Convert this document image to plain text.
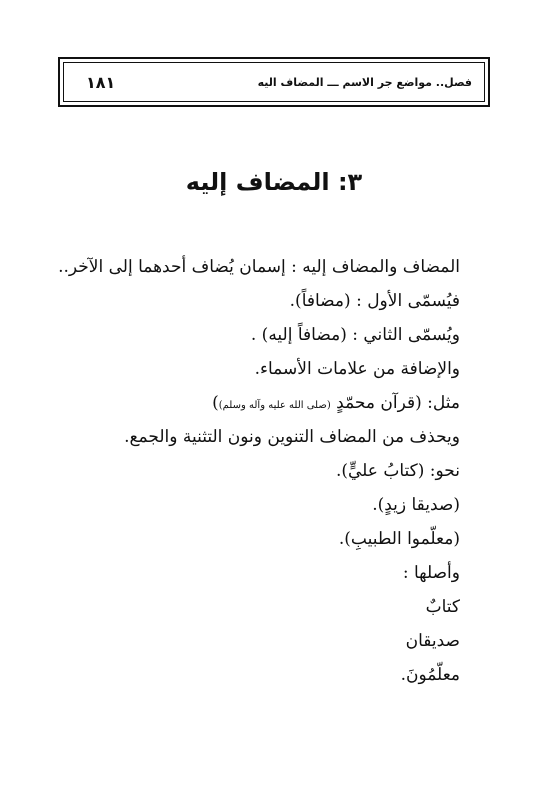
١٨١	فصل.. مواضع جر الاسم ـــ المضاف اليه
٣: المضاف إليه
المضاف والمضاف إليه : إسمان يُضاف أحدهما إلى الآخر..
فيُسمّى الأول : (مضافاً).
ويُسمّى الثاني : (مضافاً إليه) .
والإضافة من علامات الأسماء.
مثل: (قرآن محمّدٍ (صلى الله عليه وآله وسلم))
ويحذف من المضاف التنوين ونون التثنية والجمع.
نحو: (كتابُ عليٍّ).
(صديقا زيدٍ).
(معلّموا الطبيبِ).
وأصلها :
كتابٌ
صديقان
معلّمُونَ.
